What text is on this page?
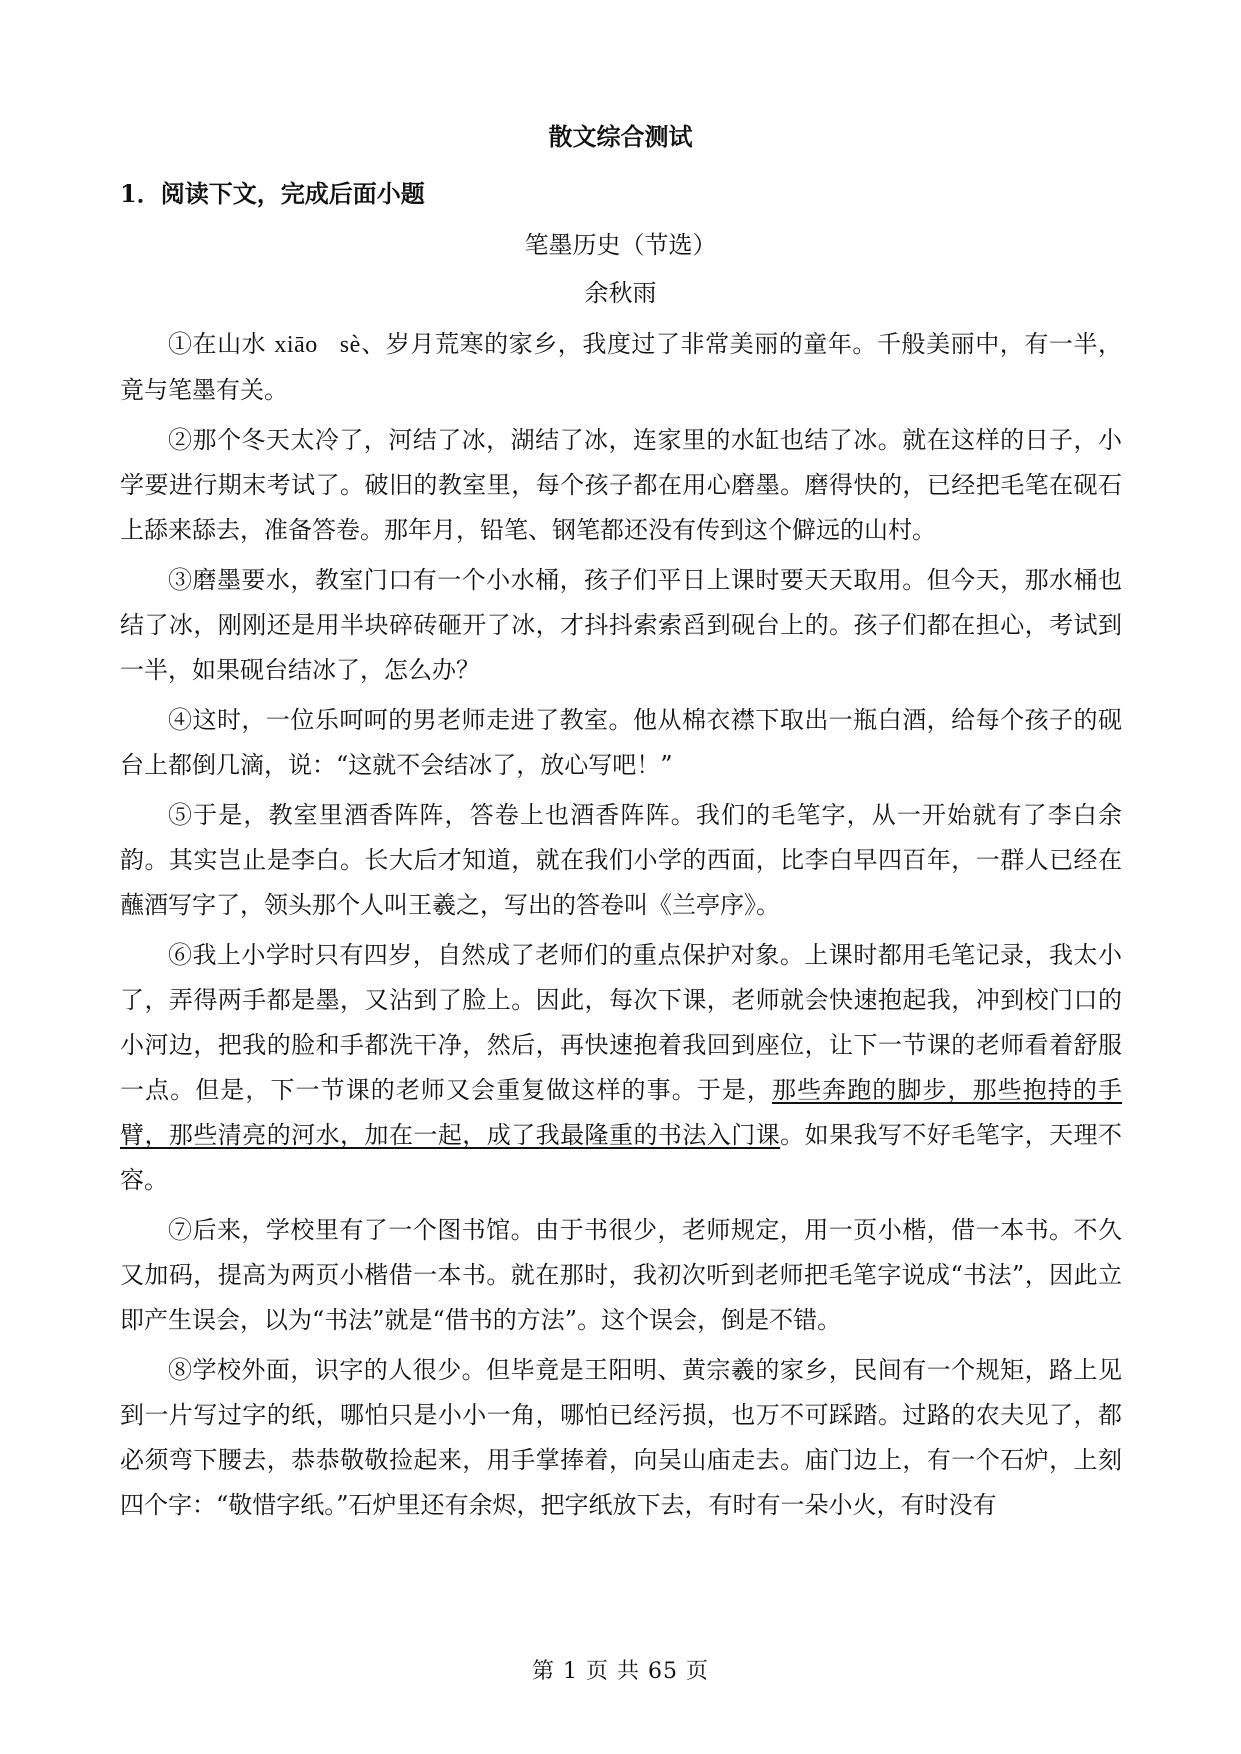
散文综合测试
1．阅读下文，完成后面小题
笔墨历史（节选）
余秋雨

①在山水 xiāo sè、岁月荒寒的家乡，我度过了非常美丽的童年。千般美丽中，有一半，竟与笔墨有关。

②那个冬天太冷了，河结了冰，湖结了冰，连家里的水缸也结了冰。就在这样的日子，小学要进行期末考试了。破旧的教室里，每个孩子都在用心磨墨。磨得快的，已经把毛笔在砚石上舔来舔去，准备答卷。那年月，铅笔、钢笔都还没有传到这个僻远的山村。

③磨墨要水，教室门口有一个小水桶，孩子们平日上课时要天天取用。但今天，那水桶也结了冰，刚刚还是用半块碎砖砸开了冰，才抖抖索索舀到砚台上的。孩子们都在担心，考试到一半，如果砚台结冰了，怎么办？

④这时，一位乐呵呵的男老师走进了教室。他从棉衣襟下取出一瓶白酒，给每个孩子的砚台上都倒几滴，说：“这就不会结冰了，放心写吧！”

⑤于是，教室里酒香阵阵，答卷上也酒香阵阵。我们的毛笔字，从一开始就有了李白余韵。其实岂止是李白。长大后才知道，就在我们小学的西面，比李白早四百年，一群人已经在蘸酒写字了，领头那个人叫王羲之，写出的答卷叫《兰亭序》。

⑥我上小学时只有四岁，自然成了老师们的重点保护对象。上课时都用毛笔记录，我太小了，弄得两手都是墨，又沾到了脸上。因此，每次下课，老师就会快速抱起我，冲到校门口的小河边，把我的脸和手都洗干净，然后，再快速抱着我回到座位，让下一节课的老师看着舒服一点。但是，下一节课的老师又会重复做这样的事。于是，那些奔跑的脚步，那些抱持的手臂，那些清亮的河水，加在一起，成了我最隆重的书法入门课。如果我写不好毛笔字，天理不容。

⑦后来，学校里有了一个图书馆。由于书很少，老师规定，用一页小楷，借一本书。不久又加码，提高为两页小楷借一本书。就在那时，我初次听到老师把毛笔字说成“书法”，因此立即产生误会，以为“书法”就是“借书的方法”。这个误会，倒是不错。

⑧学校外面，识字的人很少。但毕竟是王阳明、黄宗羲的家乡，民间有一个规矩，路上见到一片写过字的纸，哪怕只是小小一角，哪怕已经污损，也万不可踩踏。过路的农夫见了，都必须弯下腰去，恭恭敬敬捡起来，用手掌捧着，向吴山庙走去。庙门边上，有一个石炉，上刻四个字：“敬惜字纸。”石炉里还有余烬，把字纸放下去，有时有一朵小火，有时没有

第 1 页 共 65 页
